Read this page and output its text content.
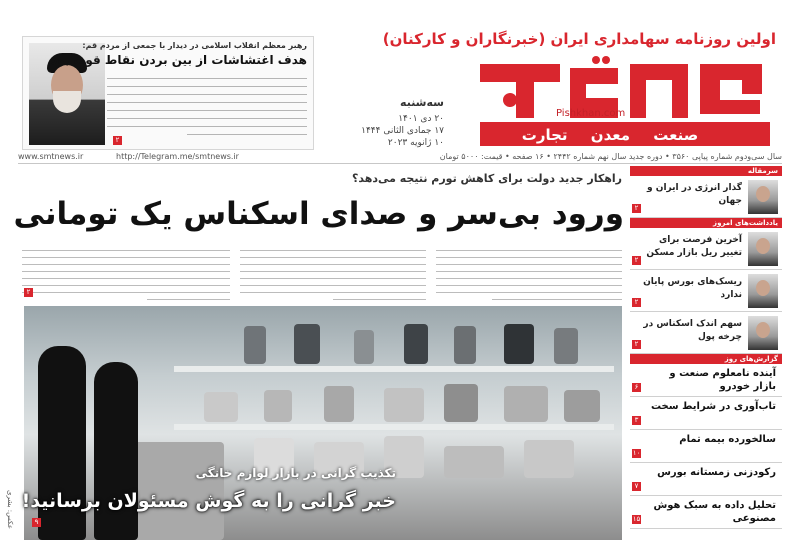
اولین روزنامه سهامداری ایران (خبرنگاران و کارکنان)
صنعت معدن تجارت
Pishkhan.com
سه‌شنبه
۲۰ دی ۱۴۰۱
۱۷ جمادی الثانی ۱۴۴۴
۱۰ ژانویه ۲۰۲۳
رهبر معظم انقلاب اسلامی در دیدار با جمعی از مردم قم:
هدف اغتشاشات از بین بردن نقاط قوت بود
۲
سال سی‌ودوم شماره پیاپی ۳۵۶۰ • دوره جدید سال نهم شماره ۲۴۴۲ • ۱۶ صفحه • قیمت: ۵۰۰۰ تومان
www.smtnews.ir	http://Telegram.me/smtnews.ir
راهکار جدید دولت برای کاهش تورم نتیجه می‌دهد؟
ورود بی‌سر و صدای اسکناس یک تومانی
۲
۹
تکذیب گرانی در بازار لوازم خانگی
خبر گرانی را به گوش مسئولان برسانید!
عکس: بشری
سرمقاله
گذار انرژی در ایران و جهان
۲
یادداشت‌های امروز
آخرین فرصت برای تغییر ریل بازار مسکن
۲
ریسک‌های بورس پایان ندارد
۲
سهم اندک اسکناس در چرخه پول
۲
گزارش‌های روز
آینده نامعلوم صنعت و بازار خودرو
۶
تاب‌آوری در شرایط سخت
۳
سالخورده بیمه تمام
۱۰
رکودزنی زمستانه بورس
۷
تحلیل داده به سبک هوش مصنوعی
۱۵
